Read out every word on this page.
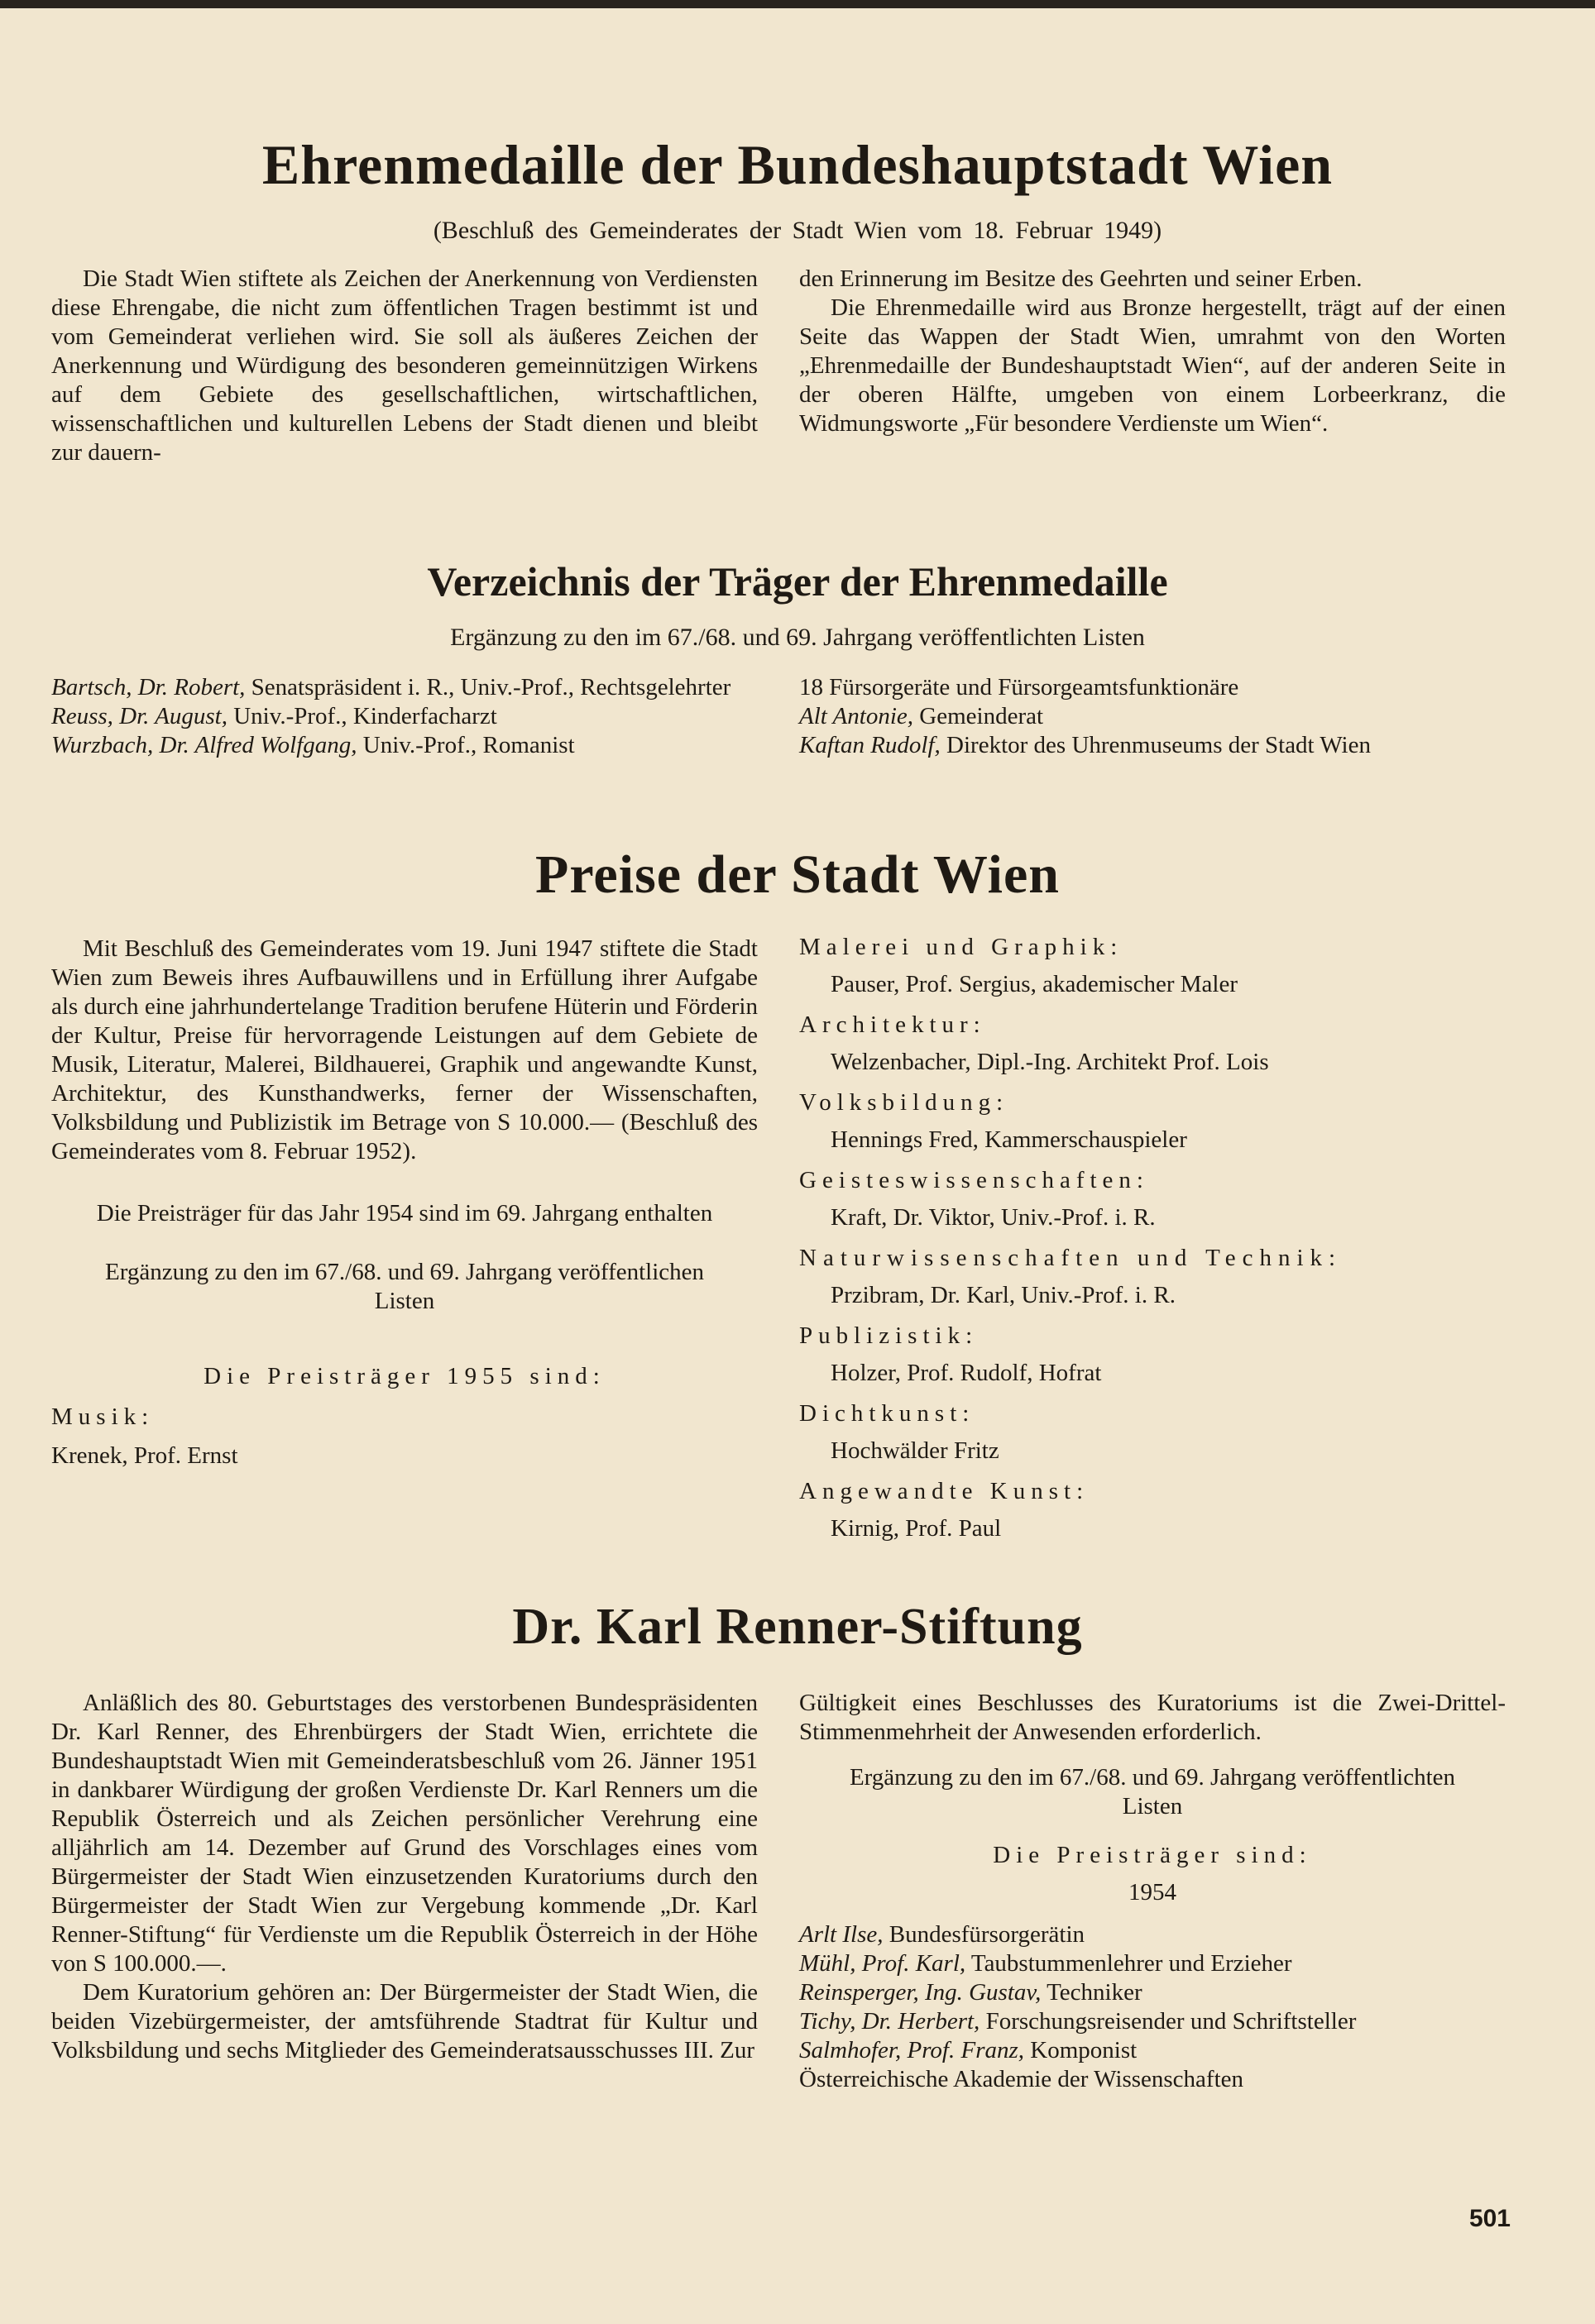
Ehrenmedaille der Bundeshauptstadt Wien
(Beschluß des Gemeinderates der Stadt Wien vom 18. Februar 1949)

Die Stadt Wien stiftete als Zeichen der Anerkennung von Verdiensten diese Ehrengabe, die nicht zum öffentlichen Tragen bestimmt ist und vom Gemeinderat verliehen wird. Sie soll als äußeres Zeichen der Anerkennung und Würdigung des besonderen gemeinnützigen Wirkens auf dem Gebiete des gesellschaftlichen, wirtschaftlichen, wissenschaftlichen und kulturellen Lebens der Stadt dienen und bleibt zur dauern-

den Erinnerung im Besitze des Geehrten und seiner Erben.

Die Ehrenmedaille wird aus Bronze hergestellt, trägt auf der einen Seite das Wappen der Stadt Wien, umrahmt von den Worten „Ehrenmedaille der Bundeshauptstadt Wien“, auf der anderen Seite in der oberen Hälfte, umgeben von einem Lorbeerkranz, die Widmungsworte „Für besondere Verdienste um Wien“.

Verzeichnis der Träger der Ehrenmedaille
Ergänzung zu den im 67./68. und 69. Jahrgang veröffentlichten Listen

Bartsch, Dr. Robert, Senatspräsident i. R., Univ.-Prof., Rechtsgelehrter

Reuss, Dr. August, Univ.-Prof., Kinderfacharzt

Wurzbach, Dr. Alfred Wolfgang, Univ.-Prof., Romanist

18 Fürsorgeräte und Fürsorgeamtsfunktionäre

Alt Antonie, Gemeinderat

Kaftan Rudolf, Direktor des Uhrenmuseums der Stadt Wien

Preise der Stadt Wien

Mit Beschluß des Gemeinderates vom 19. Juni 1947 stiftete die Stadt Wien zum Beweis ihres Aufbauwillens und in Erfüllung ihrer Aufgabe als durch eine jahrhundertelange Tradition berufene Hüterin und Förderin der Kultur, Preise für hervorragende Leistungen auf dem Gebiete de Musik, Literatur, Malerei, Bildhauerei, Graphik und angewandte Kunst, Architektur, des Kunsthandwerks, ferner der Wissenschaften, Volksbildung und Publizistik im Betrage von S 10.000.— (Beschluß des Gemeinderates vom 8. Februar 1952).

Die Preisträger für das Jahr 1954 sind im 69. Jahrgang enthalten

Ergänzung zu den im 67./68. und 69. Jahrgang veröffentlichen Listen

Die Preisträger 1955 sind:

Musik:

Krenek, Prof. Ernst

Malerei und Graphik:

Pauser, Prof. Sergius, akademischer Maler

Architektur:

Welzenbacher, Dipl.-Ing. Architekt Prof. Lois

Volksbildung:

Hennings Fred, Kammerschauspieler

Geisteswissenschaften:

Kraft, Dr. Viktor, Univ.-Prof. i. R.

Naturwissenschaften und Technik:

Przibram, Dr. Karl, Univ.-Prof. i. R.

Publizistik:

Holzer, Prof. Rudolf, Hofrat

Dichtkunst:

Hochwälder Fritz

Angewandte Kunst:

Kirnig, Prof. Paul

Dr. Karl Renner-Stiftung

Anläßlich des 80. Geburtstages des verstorbenen Bundespräsidenten Dr. Karl Renner, des Ehrenbürgers der Stadt Wien, errichtete die Bundeshauptstadt Wien mit Gemeinderatsbeschluß vom 26. Jänner 1951 in dankbarer Würdigung der großen Verdienste Dr. Karl Renners um die Republik Österreich und als Zeichen persönlicher Verehrung eine alljährlich am 14. Dezember auf Grund des Vorschlages eines vom Bürgermeister der Stadt Wien einzusetzenden Kuratoriums durch den Bürgermeister der Stadt Wien zur Vergebung kommende „Dr. Karl Renner-Stiftung“ für Verdienste um die Republik Österreich in der Höhe von S 100.000.—.

Dem Kuratorium gehören an: Der Bürgermeister der Stadt Wien, die beiden Vizebürgermeister, der amtsführende Stadtrat für Kultur und Volksbildung und sechs Mitglieder des Gemeinderatsausschusses III. Zur

Gültigkeit eines Beschlusses des Kuratoriums ist die Zwei-Drittel-Stimmenmehrheit der Anwesenden erforderlich.

Ergänzung zu den im 67./68. und 69. Jahrgang veröffentlichten Listen

Die Preisträger sind:

1954

Arlt Ilse, Bundesfürsorgerätin

Mühl, Prof. Karl, Taubstummenlehrer und Erzieher

Reinsperger, Ing. Gustav, Techniker

Tichy, Dr. Herbert, Forschungsreisender und Schriftsteller

Salmhofer, Prof. Franz, Komponist

Österreichische Akademie der Wissenschaften

501
